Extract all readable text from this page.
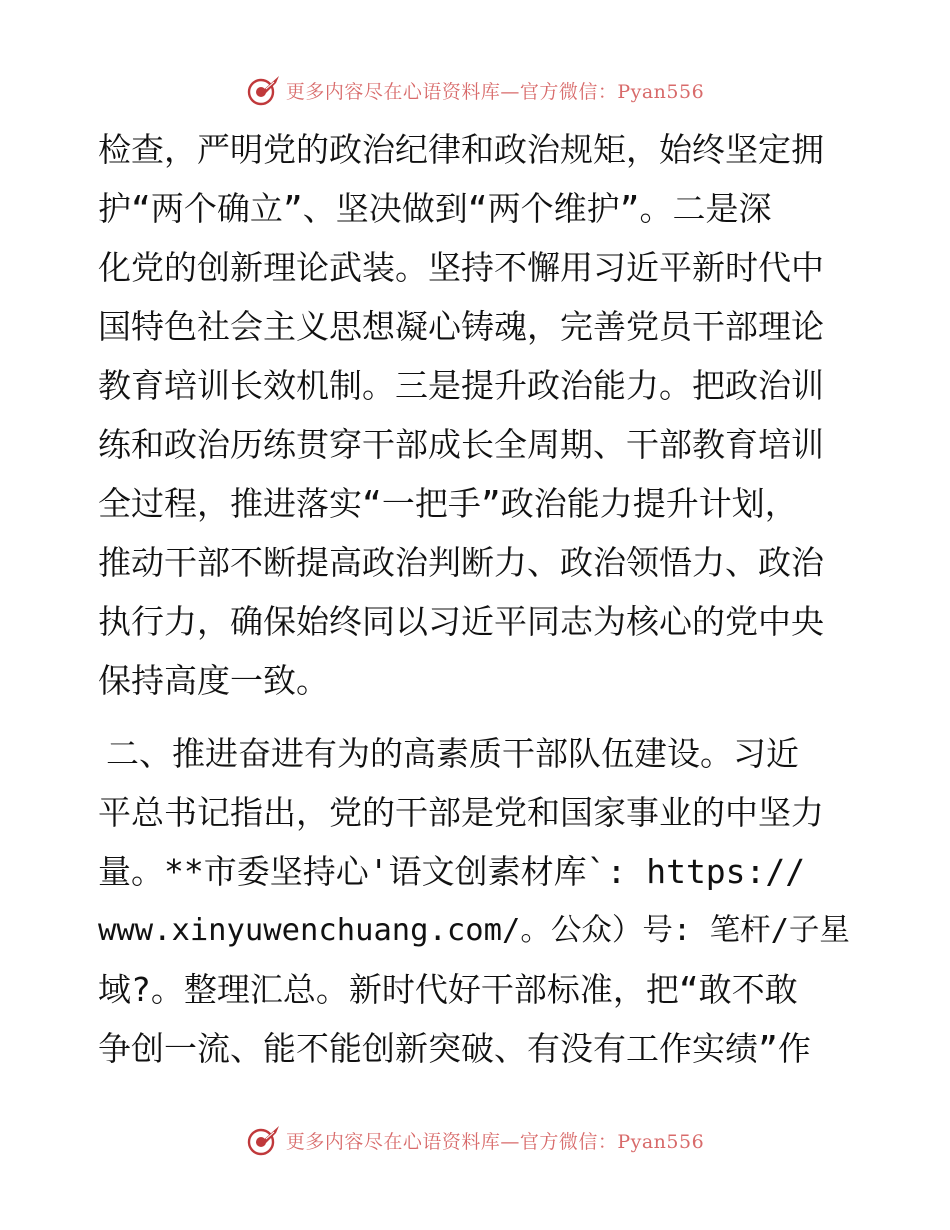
更多内容尽在心语资料库—官方微信：Pyan556
检查，严明党的政治纪律和政治规矩，始终坚定拥
护“两个确立”、坚决做到“两个维护”。二是深
化党的创新理论武装。坚持不懈用习近平新时代中
国特色社会主义思想凝心铸魂，完善党员干部理论
教育培训长效机制。三是提升政治能力。把政治训
练和政治历练贯穿干部成长全周期、干部教育培训
全过程，推进落实“一把手”政治能力提升计划，
推动干部不断提高政治判断力、政治领悟力、政治
执行力，确保始终同以习近平同志为核心的党中央
保持高度一致。
二、推进奋进有为的高素质干部队伍建设。习近
平总书记指出，党的干部是党和国家事业的中坚力
量。**市委坚持心'语文创素材库`: https://
www.xinyuwenchuang.com/。公众）号: 笔杆/子星
域?。整理汇总。新时代好干部标准，把“敢不敢
争创一流、能不能创新突破、有没有工作实绩”作
更多内容尽在心语资料库—官方微信：Pyan556
